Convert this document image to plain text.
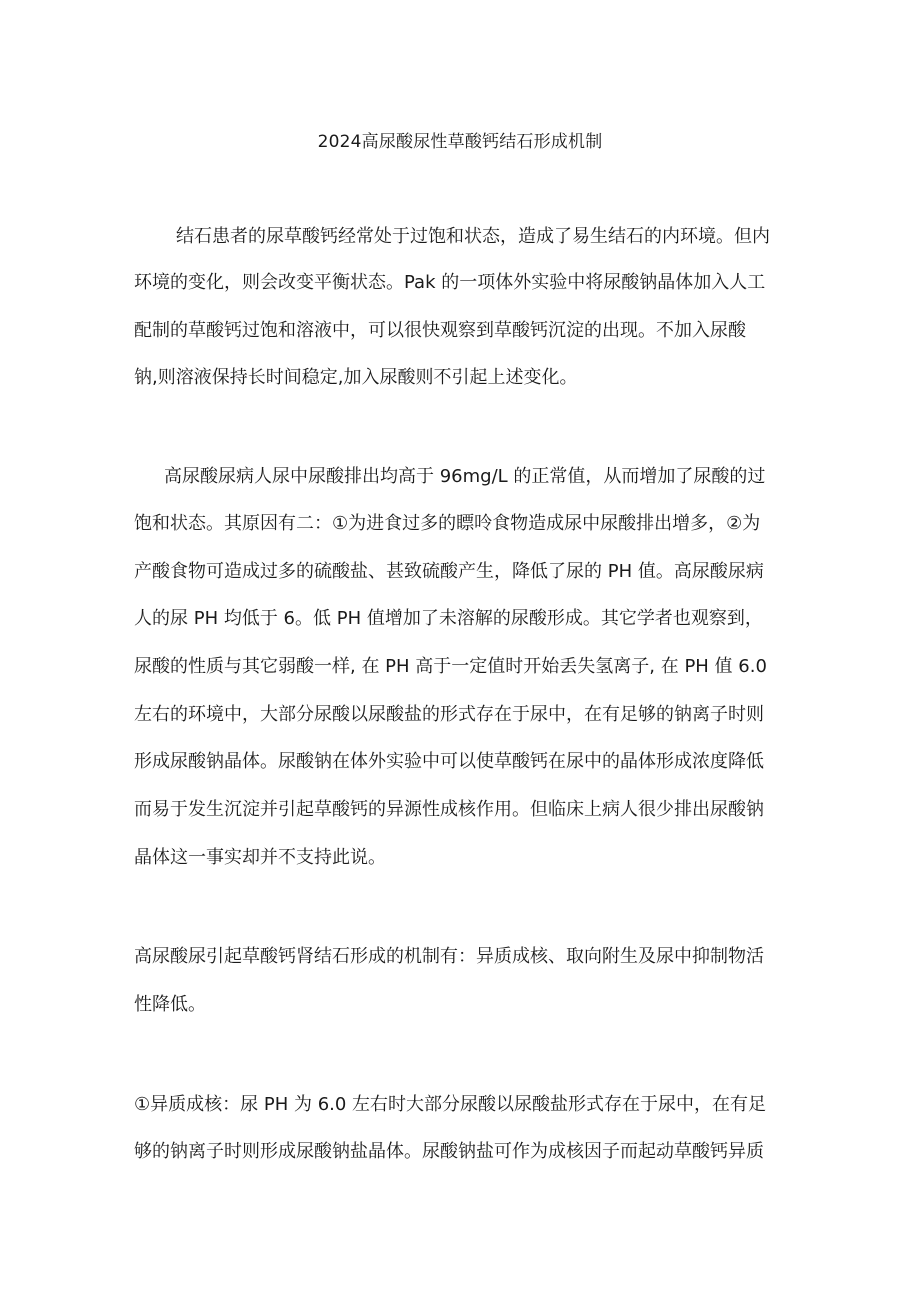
2024高尿酸尿性草酸钙结石形成机制
结石患者的尿草酸钙经常处于过饱和状态，造成了易生结石的内环境。但内
环境的变化，则会改变平衡状态。Pak 的一项体外实验中将尿酸钠晶体加入人工
配制的草酸钙过饱和溶液中，可以很快观察到草酸钙沉淀的出现。不加入尿酸
钠,则溶液保持长时间稳定,加入尿酸则不引起上述变化。
高尿酸尿病人尿中尿酸排出均高于 96mg/L 的正常值，从而增加了尿酸的过
饱和状态。其原因有二：①为进食过多的瞟呤食物造成尿中尿酸排出增多，②为
产酸食物可造成过多的硫酸盐、甚致硫酸产生，降低了尿的 PH 值。高尿酸尿病
人的尿 PH 均低于 6。低 PH 值增加了未溶解的尿酸形成。其它学者也观察到，
尿酸的性质与其它弱酸一样, 在 PH 高于一定值时开始丢失氢离子, 在 PH 值 6.0
左右的环境中，大部分尿酸以尿酸盐的形式存在于尿中，在有足够的钠离子时则
形成尿酸钠晶体。尿酸钠在体外实验中可以使草酸钙在尿中的晶体形成浓度降低
而易于发生沉淀并引起草酸钙的异源性成核作用。但临床上病人很少排出尿酸钠
晶体这一事实却并不支持此说。
高尿酸尿引起草酸钙肾结石形成的机制有：异质成核、取向附生及尿中抑制物活
性降低。
①异质成核：尿 PH 为 6.0 左右时大部分尿酸以尿酸盐形式存在于尿中，在有足
够的钠离子时则形成尿酸钠盐晶体。尿酸钠盐可作为成核因子而起动草酸钙异质
